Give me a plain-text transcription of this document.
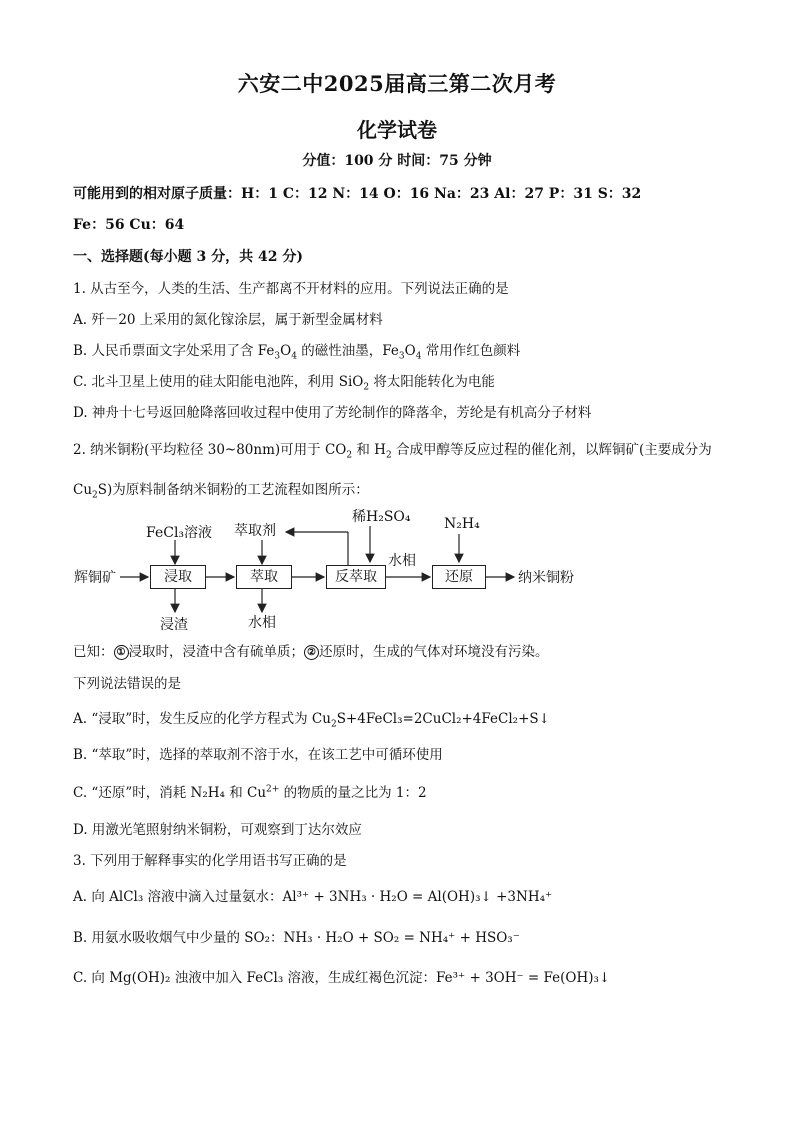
六安二中2025届高三第二次月考
化学试卷
分值：100 分 时间：75 分钟
可能用到的相对原子质量：H：1 C：12 N：14 O：16 Na：23 Al：27 P：31 S：32
Fe：56 Cu：64
一、选择题(每小题 3 分，共 42 分)
1. 从古至今，人类的生活、生产都离不开材料的应用。下列说法正确的是
A. 歼－20 上采用的氮化镓涂层，属于新型金属材料
B. 人民币票面文字处采用了含 $Fe_3O_4$ 的磁性油墨，$Fe_3O_4$ 常用作红色颜料
C. 北斗卫星上使用的硅太阳能电池阵，利用 SiO$_2$ 将太阳能转化为电能
D. 神舟十七号返回舱降落回收过程中使用了芳纶制作的降落伞，芳纶是有机高分子材料
2. 纳米铜粉(平均粒径 30~80nm)可用于 $CO_2$ 和 $H_2$ 合成甲醇等反应过程的催化剂，以辉铜矿(主要成分为
$Cu_2S$)为原料制备纳米铜粉的工艺流程如图所示：
辉铜矿	浸取
FeCl₃溶液
浸渣
萃取
萃取剂
水相
反萃取
稀H₂SO₄
水相
还原
N₂H₄
纳米铜粉
已知： ① 浸取时，浸渣中含有硫单质； ② 还原时，生成的气体对环境没有污染。
下列说法错误的是
A. “浸取”时，发生反应的化学方程式为 $Cu_2S+4FeCl_3=2CuCl_2+4FeCl_2+S↓$
B. “萃取”时，选择的萃取剂不溶于水，在该工艺中可循环使用
C. “还原”时，消耗 N₂H₄ 和 $Cu^{2+}$ 的物质的量之比为 1：2
D. 用激光笔照射纳米铜粉，可观察到丁达尔效应
3. 下列用于解释事实的化学用语书写正确的是
A. 向 AlCl₃ 溶液中滴入过量氨水：Al³⁺ + 3NH₃ · H₂O = Al(OH)₃↓ +3NH₄⁺
B. 用氨水吸收烟气中少量的 SO₂：NH₃ · H₂O + SO₂ = NH₄⁺ + HSO₃⁻
C. 向 Mg(OH)₂ 浊液中加入 FeCl₃ 溶液，生成红褐色沉淀：Fe³⁺ + 3OH⁻ = Fe(OH)₃↓
